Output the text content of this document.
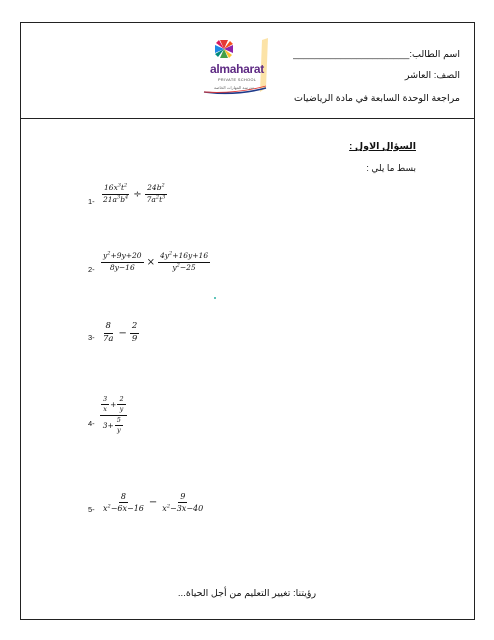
almaharat
PRIVATE SCHOOL
مدرسة المهارات الخاصة
اسم الطالب:______________________
الصف: العاشر
مراجعة الوحدة السابعة في مادة الرياضيات
السؤال الاول :
بسط ما يلي :
$1- \frac{16x^3t^2}{21a^3b^4} \div \frac{24b^2}{7a^2t^3}$
$2- \frac{y^2+9y+20}{8y-16} \times \frac{4y^2+16y+16}{y^2-25}$
$3- \frac{8}{7a} - \frac{2}{9}$
4-
$\frac{3}{x} + \frac{2}{y}$
$3+ \frac{5}{y}$
$5- \frac{8}{x^2-6x-16} - \frac{9}{x^2-3x-40}$
رؤيتنا: تغيير التعليم من أجل الحياة...
